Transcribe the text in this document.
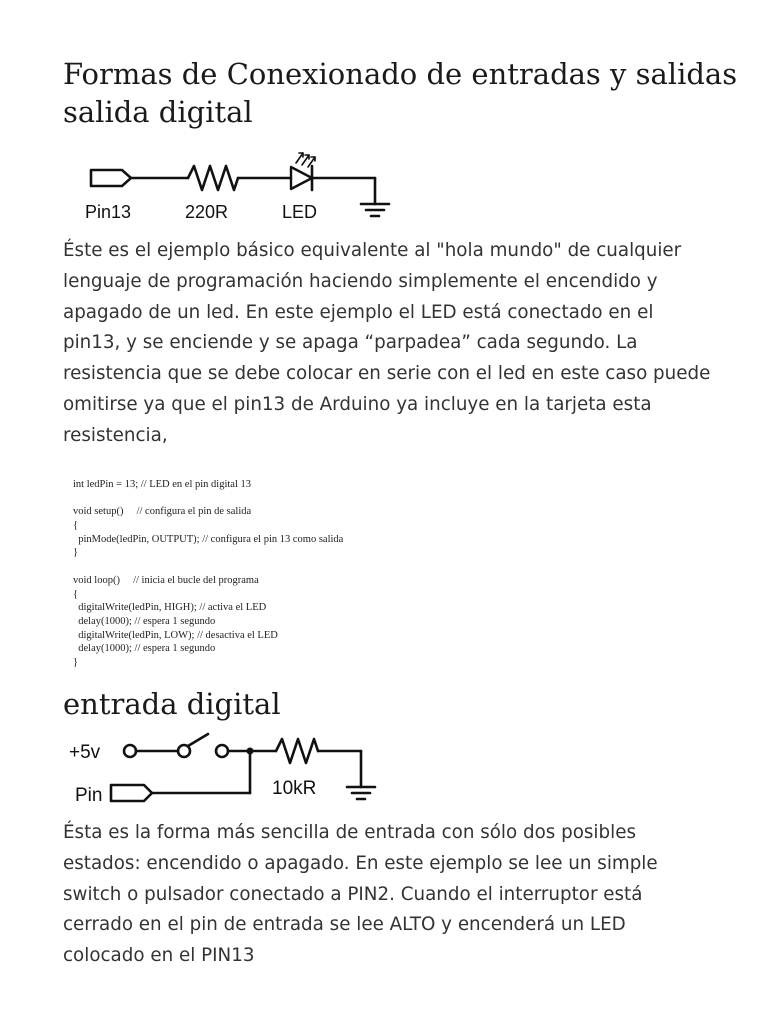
Formas de Conexionado de entradas y salidas
salida digital
Pin13	220R	LED

Éste es el ejemplo básico equivalente al "hola mundo" de cualquier lenguaje de programación haciendo simplemente el encendido y apagado de un led. En este ejemplo el LED está conectado en el pin13, y se enciende y se apaga “parpadea” cada segundo. La resistencia que se debe colocar en serie con el led en este caso puede omitirse ya que el pin13 de Arduino ya incluye en la tarjeta esta resistencia,

int ledPin = 13; // LED en el pin digital 13
void setup()     // configura el pin de salida
{
pinMode(ledPin, OUTPUT); // configura el pin 13 como salida
}
void loop()     // inicia el bucle del programa
{
digitalWrite(ledPin, HIGH); // activa el LED
delay(1000); // espera 1 segundo
digitalWrite(ledPin, LOW); // desactiva el LED
delay(1000); // espera 1 segundo
}
entrada digital
+5v
Pin	10kR

Ésta es la forma más sencilla de entrada con sólo dos posibles estados: encendido o apagado. En este ejemplo se lee un simple switch o pulsador conectado a PIN2. Cuando el interruptor está cerrado en el pin de entrada se lee ALTO y encenderá un LED colocado en el PIN13
